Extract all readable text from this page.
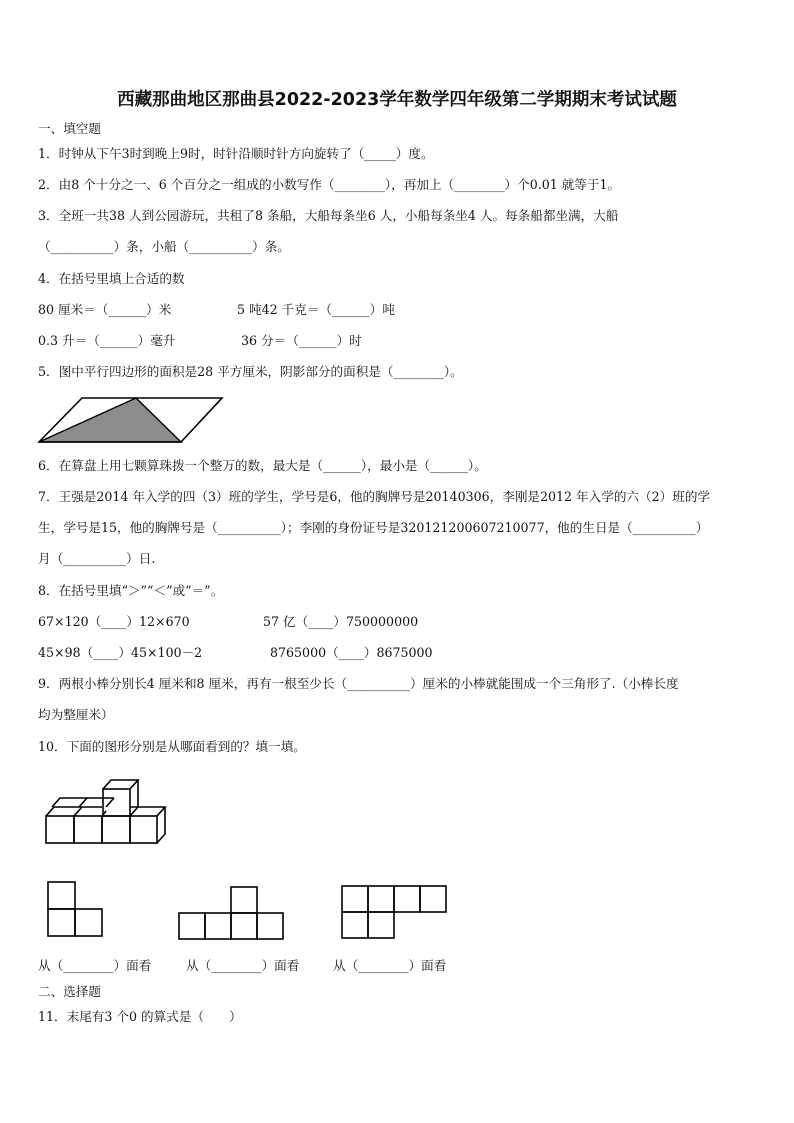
西藏那曲地区那曲县2022-2023学年数学四年级第二学期期末考试试题
一、填空题
1．时钟从下午3时到晚上9时，时针沿顺时针方向旋转了（_____）度。
2．由8 个十分之一、6 个百分之一组成的小数写作（________），再加上（________）个0.01 就等于1。
3．全班一共38 人到公园游玩，共租了8 条船，大船每条坐6 人，小船每条坐4 人。每条船都坐满，大船
（__________）条，小船（__________）条。
4．在括号里填上合适的数
80 厘米＝（______）米	5 吨42 千克＝（______）吨
0.3 升＝（______）毫升	36 分＝（______）时
5．图中平行四边形的面积是28 平方厘米，阴影部分的面积是（________）。
6．在算盘上用七颗算珠拨一个整万的数，最大是（______），最小是（______）。
7．王强是2014 年入学的四（3）班的学生，学号是6，他的胸牌号是20140306，李刚是2012 年入学的六（2）班的学
生，学号是15，他的胸牌号是（__________）；李刚的身份证号是320121200607210077，他的生日是（__________）
月（__________）日.
8．在括号里填“＞”“＜”或“＝”。
67×120（____）12×670	57 亿（____）750000000
45×98（____）45×100－2	8765000（____）8675000
9．两根小棒分别长4 厘米和8 厘米，再有一根至少长（__________）厘米的小棒就能围成一个三角形了.（小棒长度
均为整厘米）
10．下面的图形分别是从哪面看到的？填一填。
从（________）面看	从（________）面看	从（________）面看
二、选择题
11．末尾有3 个0 的算式是（　　）
